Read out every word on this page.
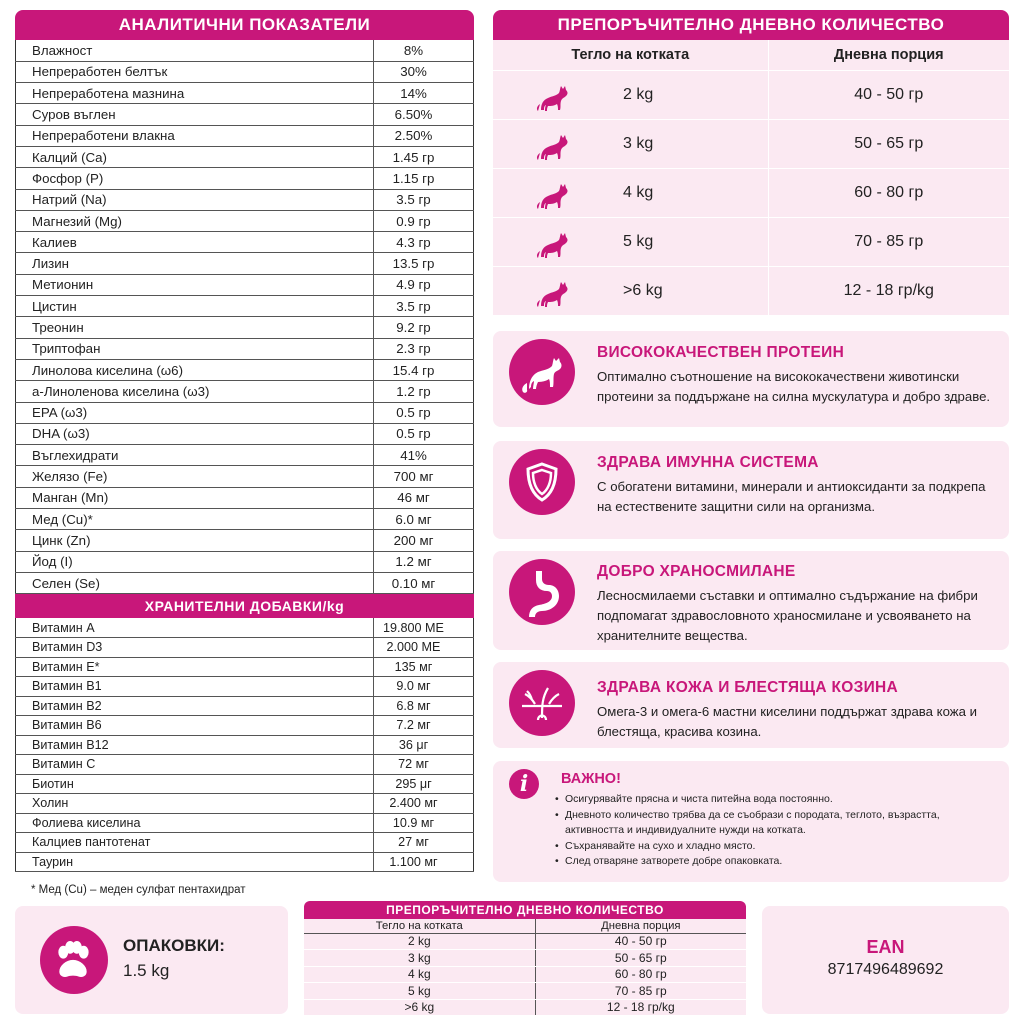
АНАЛИТИЧНИ ПОКАЗАТЕЛИ
Влажност	8%
Непреработен белтък	30%
Непреработена мазнина	14%
Суров въглен	6.50%
Непреработени влакна	2.50%
Калций (Ca)	1.45 гр
Фосфор (P)	1.15 гр
Натрий (Na)	3.5 гр
Магнезий (Mg)	0.9 гр
Калиев	4.3 гр
Лизин	13.5 гр
Метионин	4.9 гр
Цистин	3.5 гр
Треонин	9.2 гр
Триптофан	2.3 гр
Линолова киселина (ω6)	15.4 гр
a-Линоленова киселина (ω3)	1.2 гр
EPA (ω3)	0.5 гр
DHA (ω3)	0.5 гр
Въглехидрати	41%
Желязо (Fe)	700 мг
Манган (Mn)	46 мг
Мед (Cu)*	6.0 мг
Цинк (Zn)	200 мг
Йод (I)	1.2 мг
Селен (Se)	0.10 мг
ХРАНИТЕЛНИ ДОБАВКИ/kg
Витамин A	19.800 МЕ
Витамин D3	2.000 МЕ
Витамин E*	135 мг
Витамин B1	9.0 мг
Витамин B2	6.8 мг
Витамин B6	7.2 мг
Витамин B12	36 μг
Витамин C	72 мг
Биотин	295 μг
Холин	2.400 мг
Фолиева киселина	10.9 мг
Калциев пантотенат	27 мг
Таурин	1.100 мг
* Мед (Cu) – меден сулфат пентахидрат
ПРЕПОРЪЧИТЕЛНО ДНЕВНО КОЛИЧЕСТВО
Тегло на котката	Дневна порция

2 kg	40 - 50 гр

3 kg	50 - 65 гр

4 kg	60 - 80 гр

5 kg	70 - 85 гр

>6 kg	12 - 18 гр/kg
ВИСОКОКАЧЕСТВЕН ПРОТЕИН

Оптимално съотношение на висококачествени животински протеини за поддържане на силна мускулатура и добро здраве.

ЗДРАВА ИМУННА СИСТЕМА

С обогатени витамини, минерали и антиоксиданти за подкрепа на естествените защитни сили на организма.

ДОБРО ХРАНОСМИЛАНЕ

Лесносмилаеми съставки и оптимално съдържание на фибри подпомагат здравословното храносмилане и усвояването на хранителните вещества.

ЗДРАВА КОЖА И БЛЕСТЯЩА КОЗИНА

Омега-3 и омега-6 мастни киселини поддържат здрава кожа и блестяща, красива козина.

i	ВАЖНО!
• Осигурявайте прясна и чиста питейна вода постоянно.
• Дневното количество трябва да се съобрази с породата, теглото, възрастта, активността и индивидуалните нужди на котката.
• Съхранявайте на сухо и хладно място.
• След отваряне затворете добре опаковката.
ОПАКОВКИ:
1.5 kg
ПРЕПОРЪЧИТЕЛНО ДНЕВНО КОЛИЧЕСТВО
Тегло на котката	Дневна порция
2 kg	40 - 50 гр
3 kg	50 - 65 гр
4 kg	60 - 80 гр
5 kg	70 - 85 гр
>6 kg	12 - 18 гр/kg
EAN
8717496489692
